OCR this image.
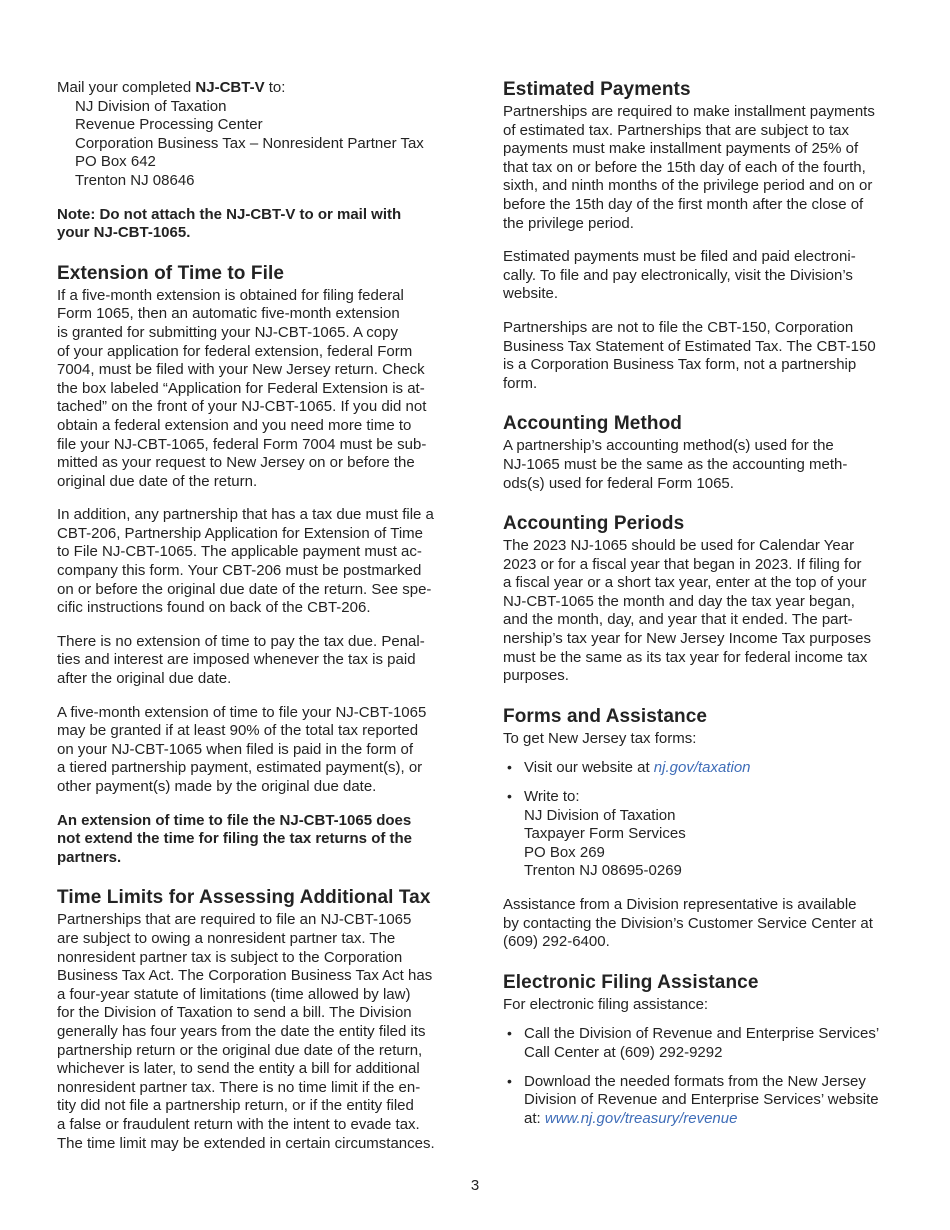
Mail your completed NJ-CBT-V to:
NJ Division of Taxation
Revenue Processing Center
Corporation Business Tax – Nonresident Partner Tax
PO Box 642
Trenton NJ 08646
Note: Do not attach the NJ-CBT-V to or mail with
your NJ-CBT-1065.
Extension of Time to File
If a five-month extension is obtained for filing federal
Form 1065, then an automatic five-month extension
is granted for submitting your NJ-CBT-1065. A copy
of your application for federal extension, federal Form
7004, must be filed with your New Jersey return. Check
the box labeled “Application for Federal Extension is at-
tached” on the front of your NJ-CBT-1065. If you did not
obtain a federal extension and you need more time to
file your NJ-CBT-1065, federal Form 7004 must be sub-
mitted as your request to New Jersey on or before the
original due date of the return.
In addition, any partnership that has a tax due must file a
CBT-206, Partnership Application for Extension of Time
to File NJ-CBT-1065. The applicable payment must ac-
company this form. Your CBT-206 must be postmarked
on or before the original due date of the return. See spe-
cific instructions found on back of the CBT-206.
There is no extension of time to pay the tax due. Penal-
ties and interest are imposed whenever the tax is paid
after the original due date.
A five-month extension of time to file your NJ-CBT-1065
may be granted if at least 90% of the total tax reported
on your NJ-CBT-1065 when filed is paid in the form of
a tiered partnership payment, estimated payment(s), or
other payment(s) made by the original due date.
An extension of time to file the NJ-CBT-1065 does
not extend the time for filing the tax returns of the
partners.
Time Limits for Assessing Additional Tax
Partnerships that are required to file an NJ-CBT-1065
are subject to owing a nonresident partner tax. The
nonresident partner tax is subject to the Corporation
Business Tax Act. The Corporation Business Tax Act has
a four-year statute of limitations (time allowed by law)
for the Division of Taxation to send a bill. The Division
generally has four years from the date the entity filed its
partnership return or the original due date of the return,
whichever is later, to send the entity a bill for additional
nonresident partner tax. There is no time limit if the en-
tity did not file a partnership return, or if the entity filed
a false or fraudulent return with the intent to evade tax.
The time limit may be extended in certain circumstances.
Estimated Payments
Partnerships are required to make installment payments
of estimated tax. Partnerships that are subject to tax
payments must make installment payments of 25% of
that tax on or before the 15th day of each of the fourth,
sixth, and ninth months of the privilege period and on or
before the 15th day of the first month after the close of
the privilege period.
Estimated payments must be filed and paid electroni-
cally. To file and pay electronically, visit the Division’s
website.
Partnerships are not to file the CBT-150, Corporation
Business Tax Statement of Estimated Tax. The CBT-150
is a Corporation Business Tax form, not a partnership
form.
Accounting Method
A partnership’s accounting method(s) used for the
NJ-1065 must be the same as the accounting meth-
ods(s) used for federal Form 1065.
Accounting Periods
The 2023 NJ-1065 should be used for Calendar Year
2023 or for a fiscal year that began in 2023. If filing for
a fiscal year or a short tax year, enter at the top of your
NJ-CBT-1065 the month and day the tax year began,
and the month, day, and year that it ended. The part-
nership’s tax year for New Jersey Income Tax purposes
must be the same as its tax year for federal income tax
purposes.
Forms and Assistance
To get New Jersey tax forms:
• Visit our website at nj.gov/taxation
• Write to:
NJ Division of Taxation
Taxpayer Form Services
PO Box 269
Trenton NJ 08695-0269
Assistance from a Division representative is available
by contacting the Division’s Customer Service Center at
(609) 292-6400.
Electronic Filing Assistance
For electronic filing assistance:
• Call the Division of Revenue and Enterprise Services’
Call Center at (609) 292-9292
• Download the needed formats from the New Jersey
Division of Revenue and Enterprise Services’ website
at: www.nj.gov/treasury/revenue
3
